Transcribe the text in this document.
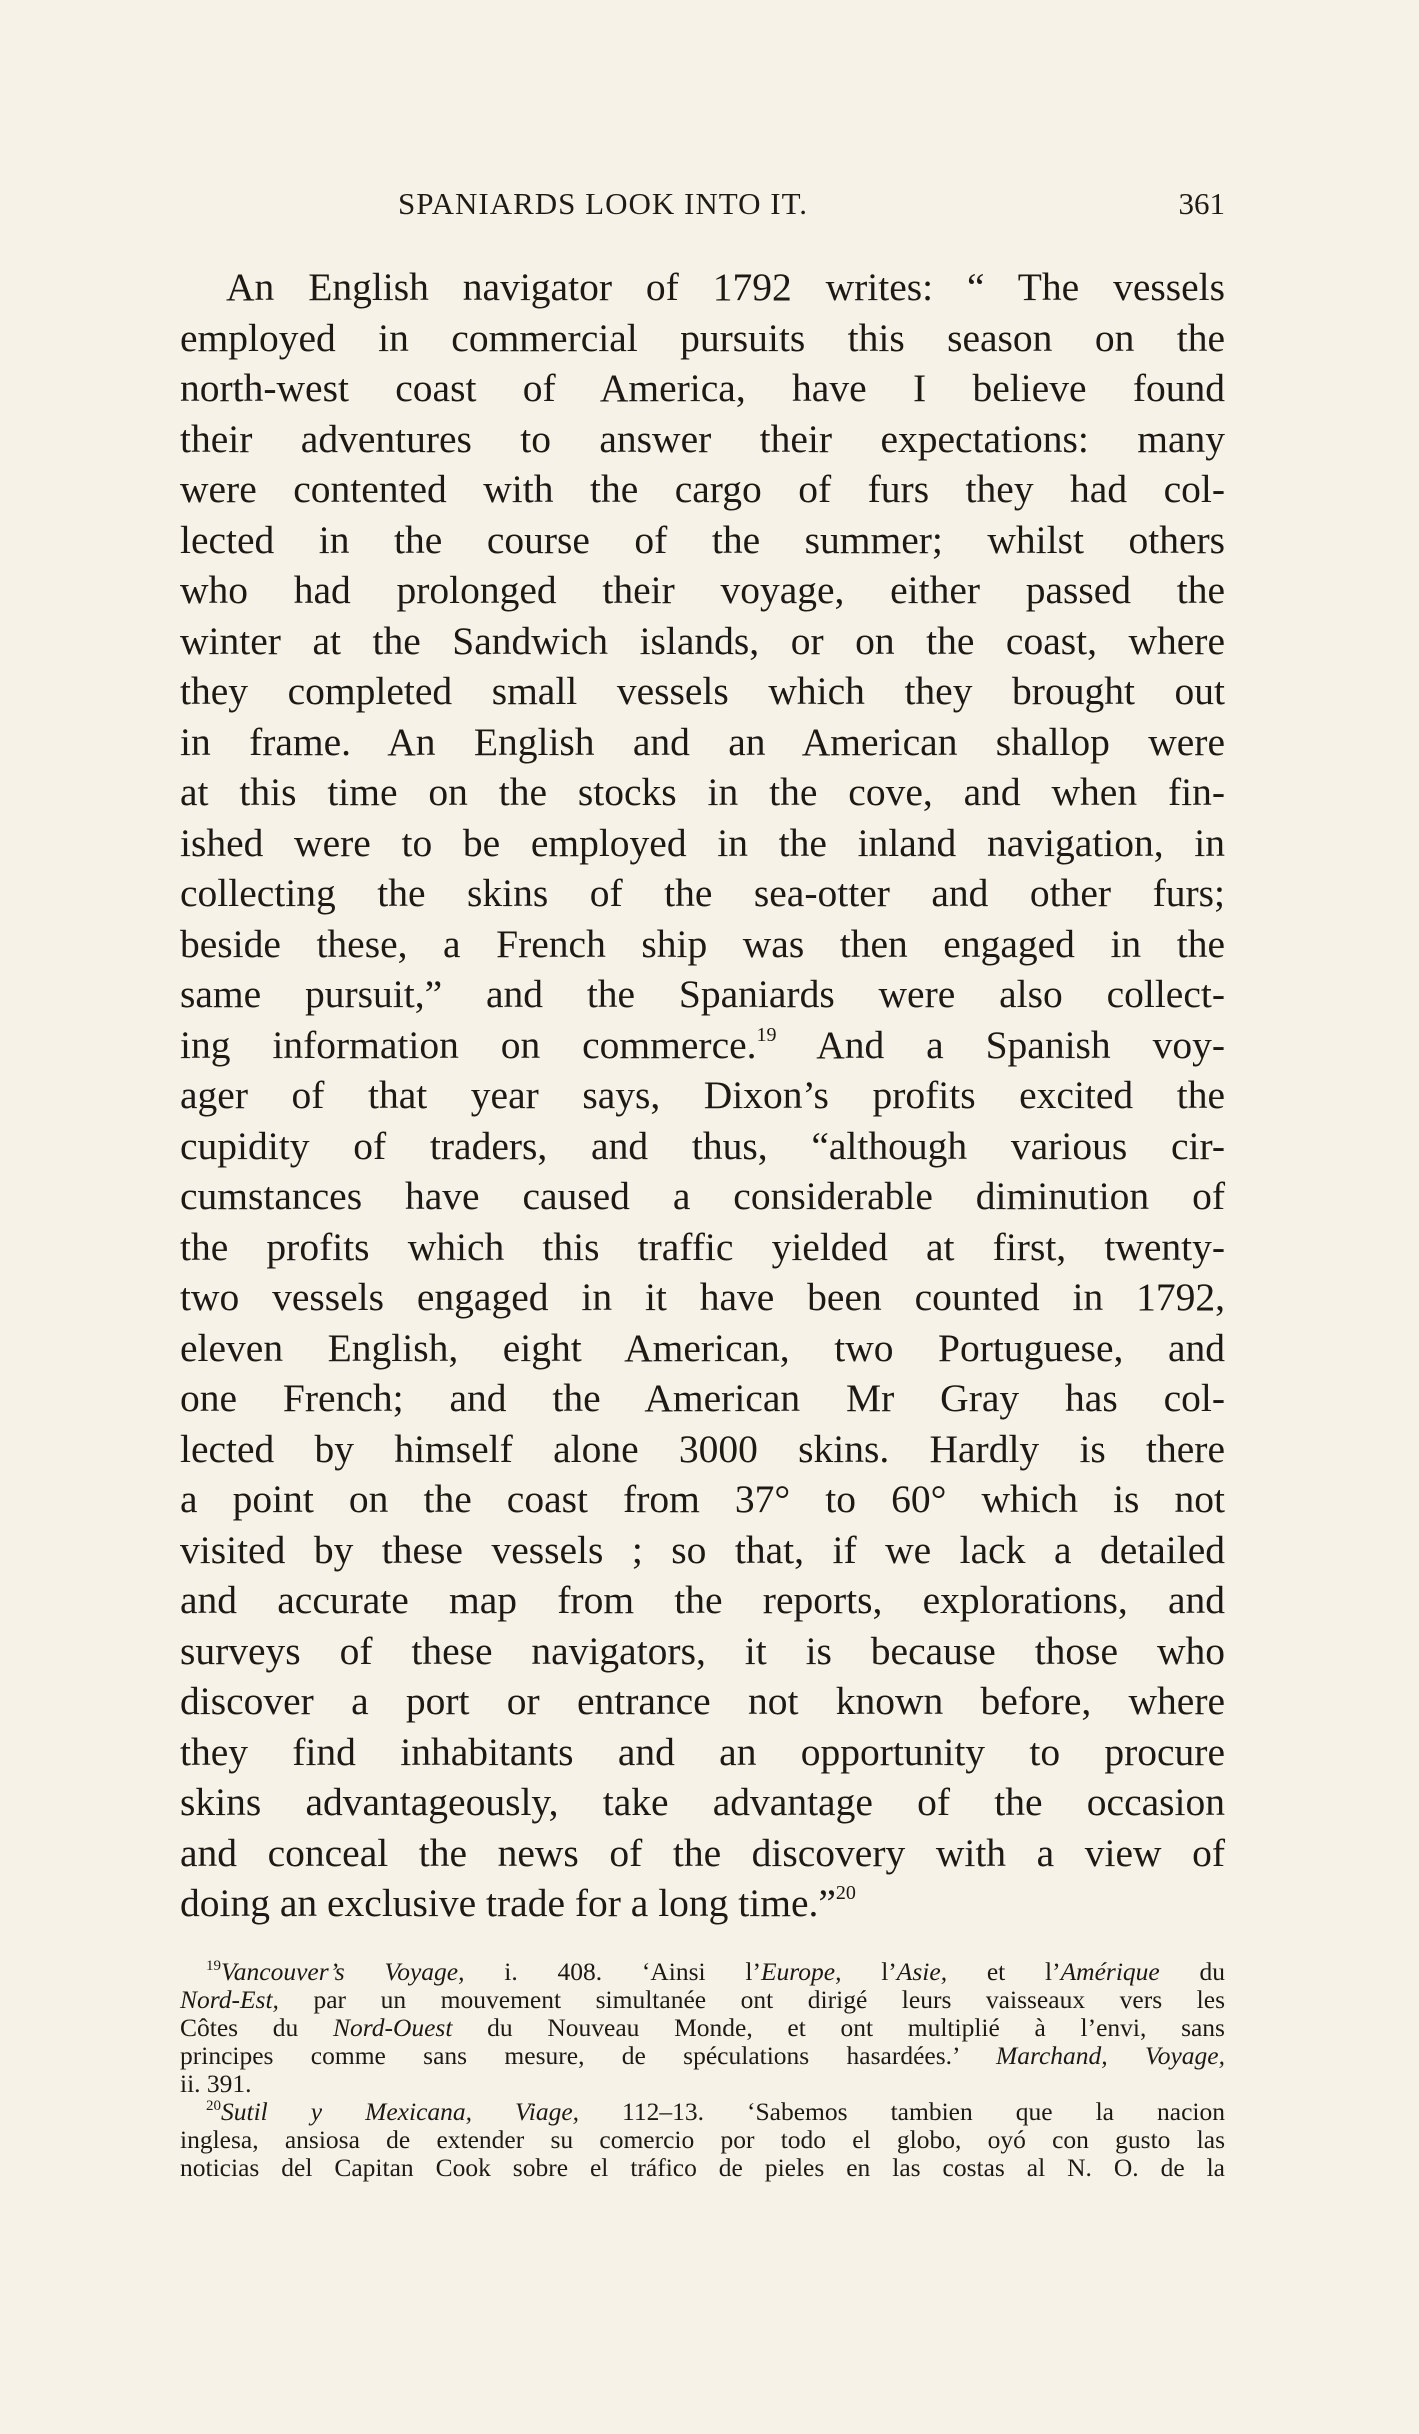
SPANIARDS LOOK INTO IT.	361
An English navigator of 1792 writes: “ The vessels
employed in commercial pursuits this season on the
north-west coast of America, have I believe found
their adventures to answer their expectations: many
were contented with the cargo of furs they had col-
lected in the course of the summer; whilst others
who had prolonged their voyage, either passed the
winter at the Sandwich islands, or on the coast, where
they completed small vessels which they brought out
in frame. An English and an American shallop were
at this time on the stocks in the cove, and when fin-
ished were to be employed in the inland navigation, in
collecting the skins of the sea-otter and other furs;
beside these, a French ship was then engaged in the
same pursuit,” and the Spaniards were also collect-
ing information on commerce.$^{19}$ And a Spanish voy-
ager of that year says, Dixon’s profits excited the
cupidity of traders, and thus, “although various cir-
cumstances have caused a considerable diminution of
the profits which this traffic yielded at first, twenty-
two vessels engaged in it have been counted in 1792,
eleven English, eight American, two Portuguese, and
one French; and the American Mr Gray has col-
lected by himself alone 3000 skins. Hardly is there
a point on the coast from 37° to 60° which is not
visited by these vessels ; so that, if we lack a detailed
and accurate map from the reports, explorations, and
surveys of these navigators, it is because those who
discover a port or entrance not known before, where
they find inhabitants and an opportunity to procure
skins advantageously, take advantage of the occasion
and conceal the news of the discovery with a view of
doing an exclusive trade for a long time.”$^{20}$
$^{19}$Vancouver’s Voyage, i. 408. ‘Ainsi l’Europe, l’Asie, et l’Amérique du
Nord-Est, par un mouvement simultanée ont dirigé leurs vaisseaux vers les
Côtes du Nord-Ouest du Nouveau Monde, et ont multiplié à l’envi, sans
principes comme sans mesure, de spéculations hasardées.’ Marchand, Voyage,
ii. 391.
$^{20}$Sutil y Mexicana, Viage, 112–13. ‘Sabemos tambien que la nacion
inglesa, ansiosa de extender su comercio por todo el globo, oyó con gusto las
noticias del Capitan Cook sobre el tráfico de pieles en las costas al N. O. de la
